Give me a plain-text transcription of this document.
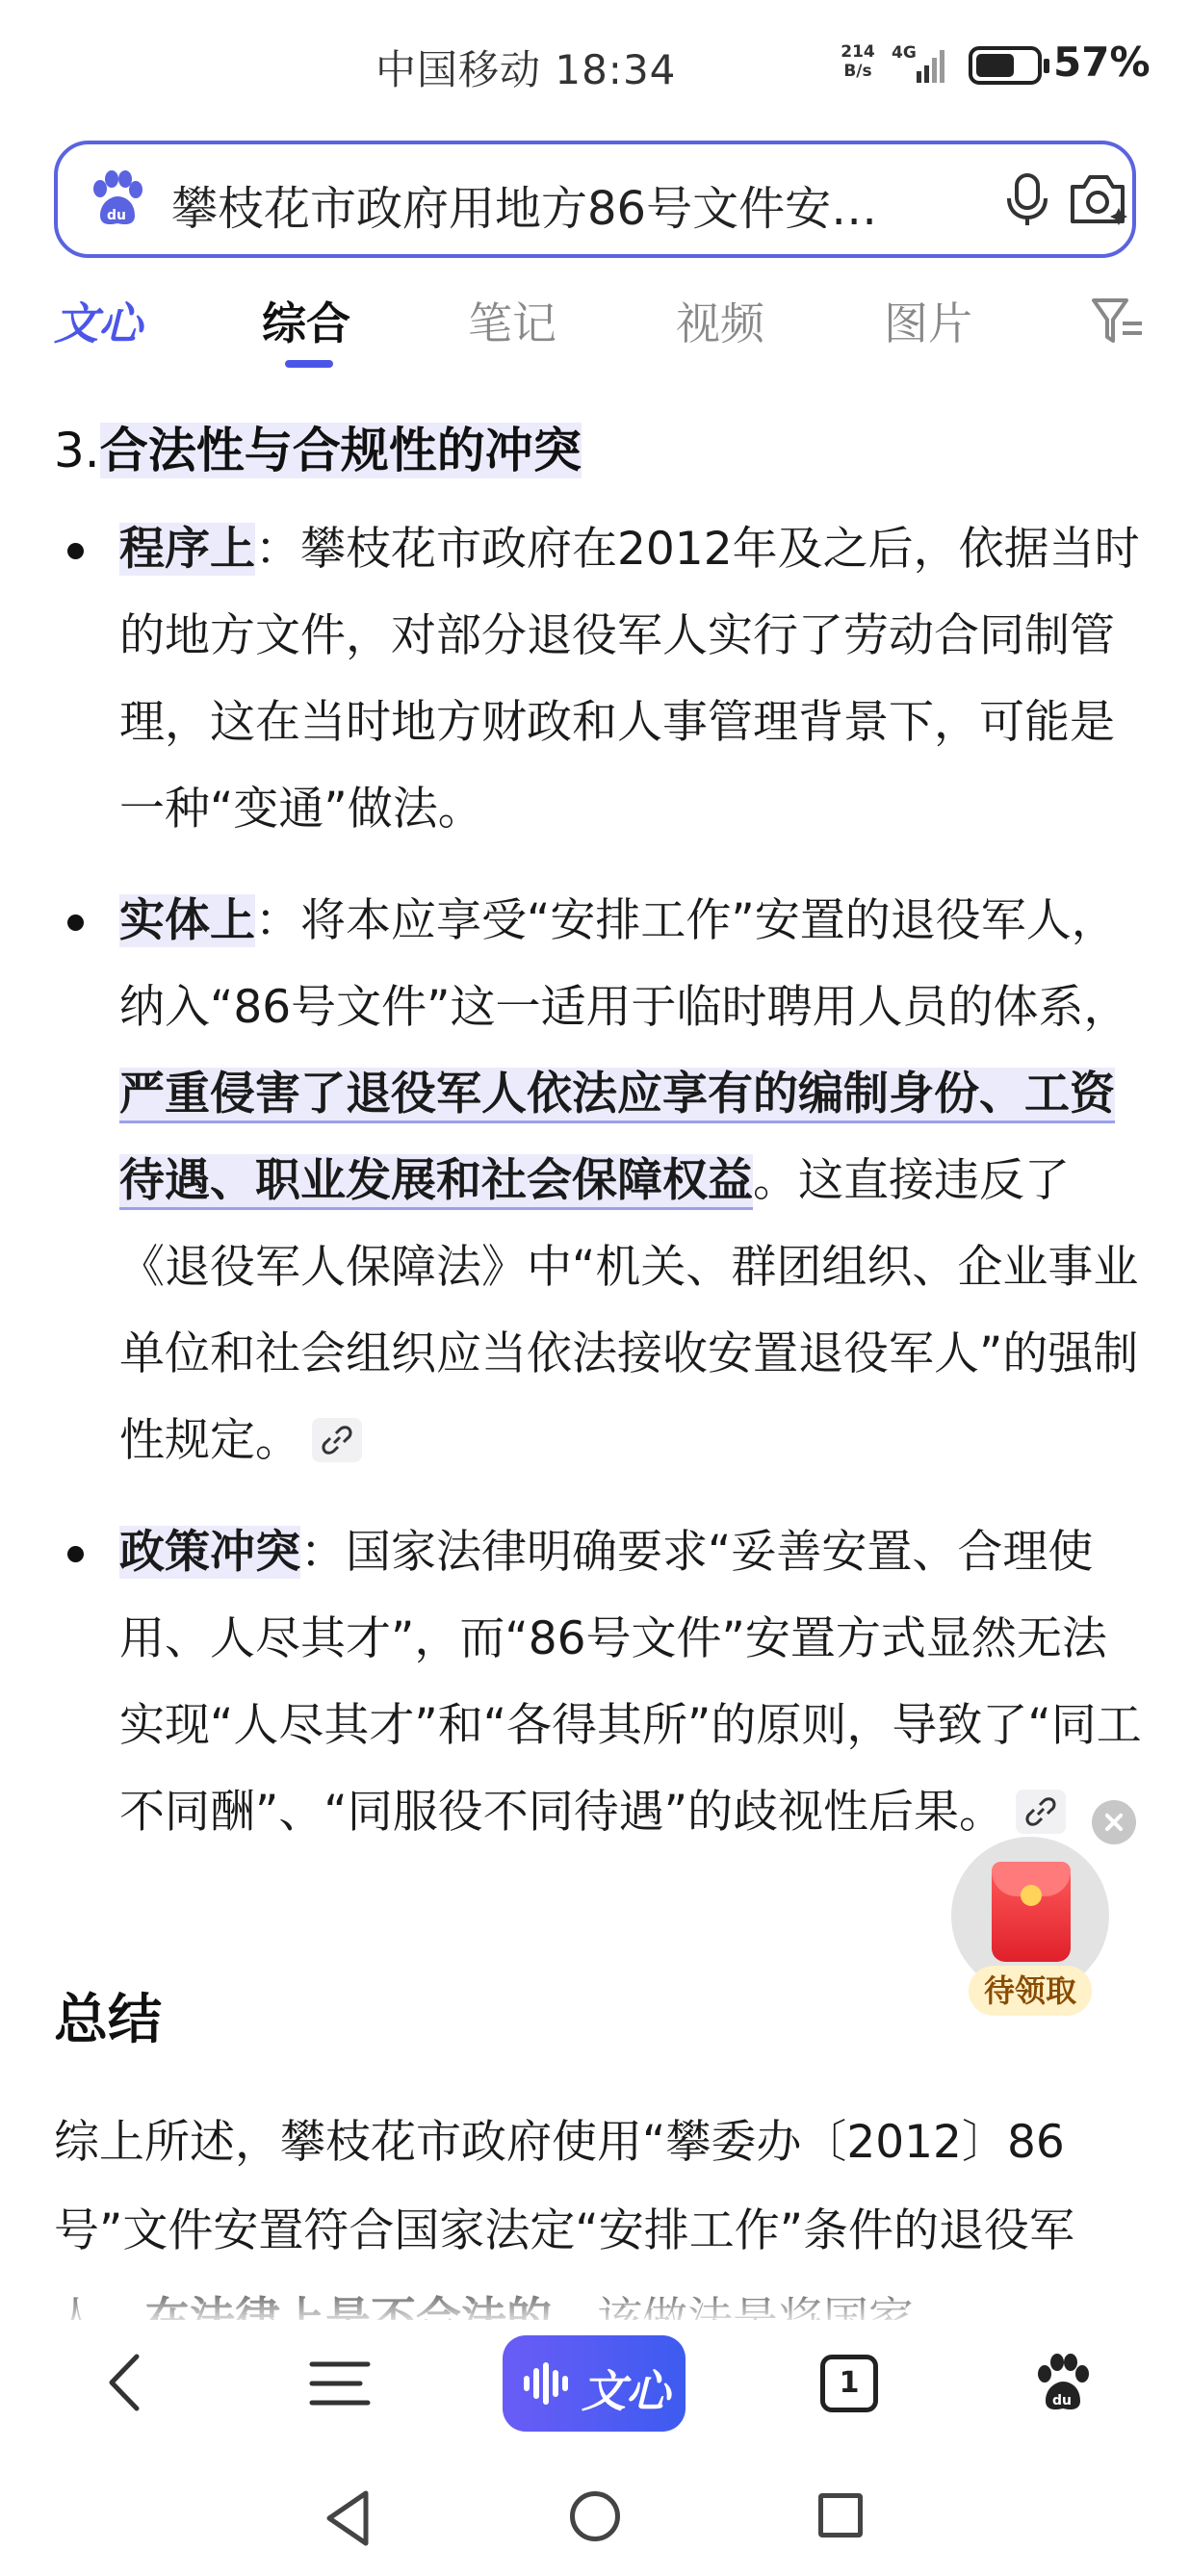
中国移动 18:34	214
B/s
4G	57%
du 攀枝花市政府用地方86号文件安…
文心	综合	笔记	视频	图片
3.合法性与合规性的冲突
程序上：攀枝花市政府在2012年及之后，依据当时的地方文件，对部分退役军人实行了劳动合同制管理，这在当时地方财政和人事管理背景下，可能是一种“变通”做法。
实体上：将本应享受“安排工作”安置的退役军人，纳入“86号文件”这一适用于临时聘用人员的体系，严重侵害了退役军人依法应享有的编制身份、工资待遇、职业发展和社会保障权益。这直接违反了《退役军人保障法》中“机关、群团组织、企业事业单位和社会组织应当依法接收安置退役军人”的强制性规定。
政策冲突：国家法律明确要求“妥善安置、合理使用、人尽其才”，而“86号文件”安置方式显然无法实现“人尽其才”和“各得其所”的原则，导致了“同工不同酬”、“同服役不同待遇”的歧视性后果。
总结
综上所述，攀枝花市政府使用“攀委办〔2012〕86号”文件安置符合国家法定“安排工作”条件的退役军
待领取
文心	1
du
